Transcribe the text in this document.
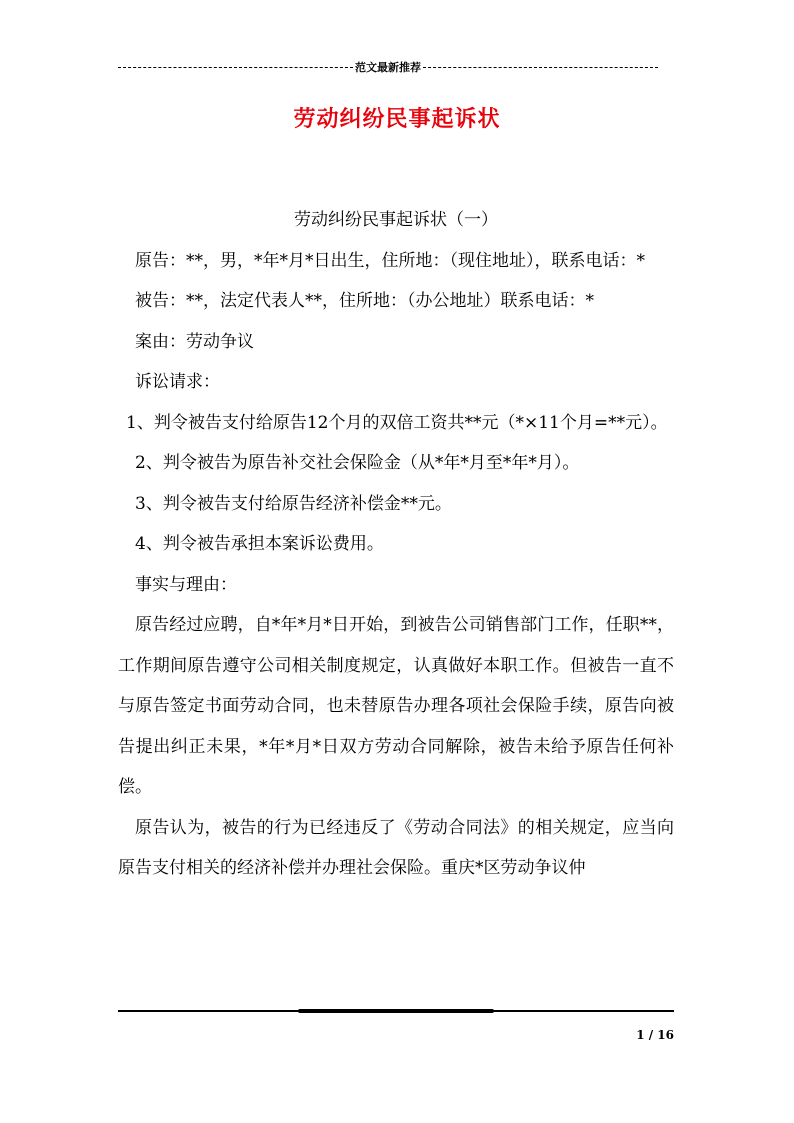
范文最新推荐
劳动纠纷民事起诉状

劳动纠纷民事起诉状（一）

原告：**，男，*年*月*日出生，住所地：（现住地址），联系电话：*

被告：**，法定代表人**，住所地：（办公地址）联系电话：*

案由：劳动争议

诉讼请求：

1、判令被告支付给原告12个月的双倍工资共**元（*×11个月=**元）。

2、判令被告为原告补交社会保险金（从*年*月至*年*月）。

3、判令被告支付给原告经济补偿金**元。

4、判令被告承担本案诉讼费用。

事实与理由：

原告经过应聘，自*年*月*日开始，到被告公司销售部门工作，任职**，工作期间原告遵守公司相关制度规定，认真做好本职工作。但被告一直不与原告签定书面劳动合同，也未替原告办理各项社会保险手续，原告向被告提出纠正未果，*年*月*日双方劳动合同解除，被告未给予原告任何补偿。

原告认为，被告的行为已经违反了《劳动合同法》的相关规定，应当向原告支付相关的经济补偿并办理社会保险。重庆*区劳动争议仲

1 / 16
